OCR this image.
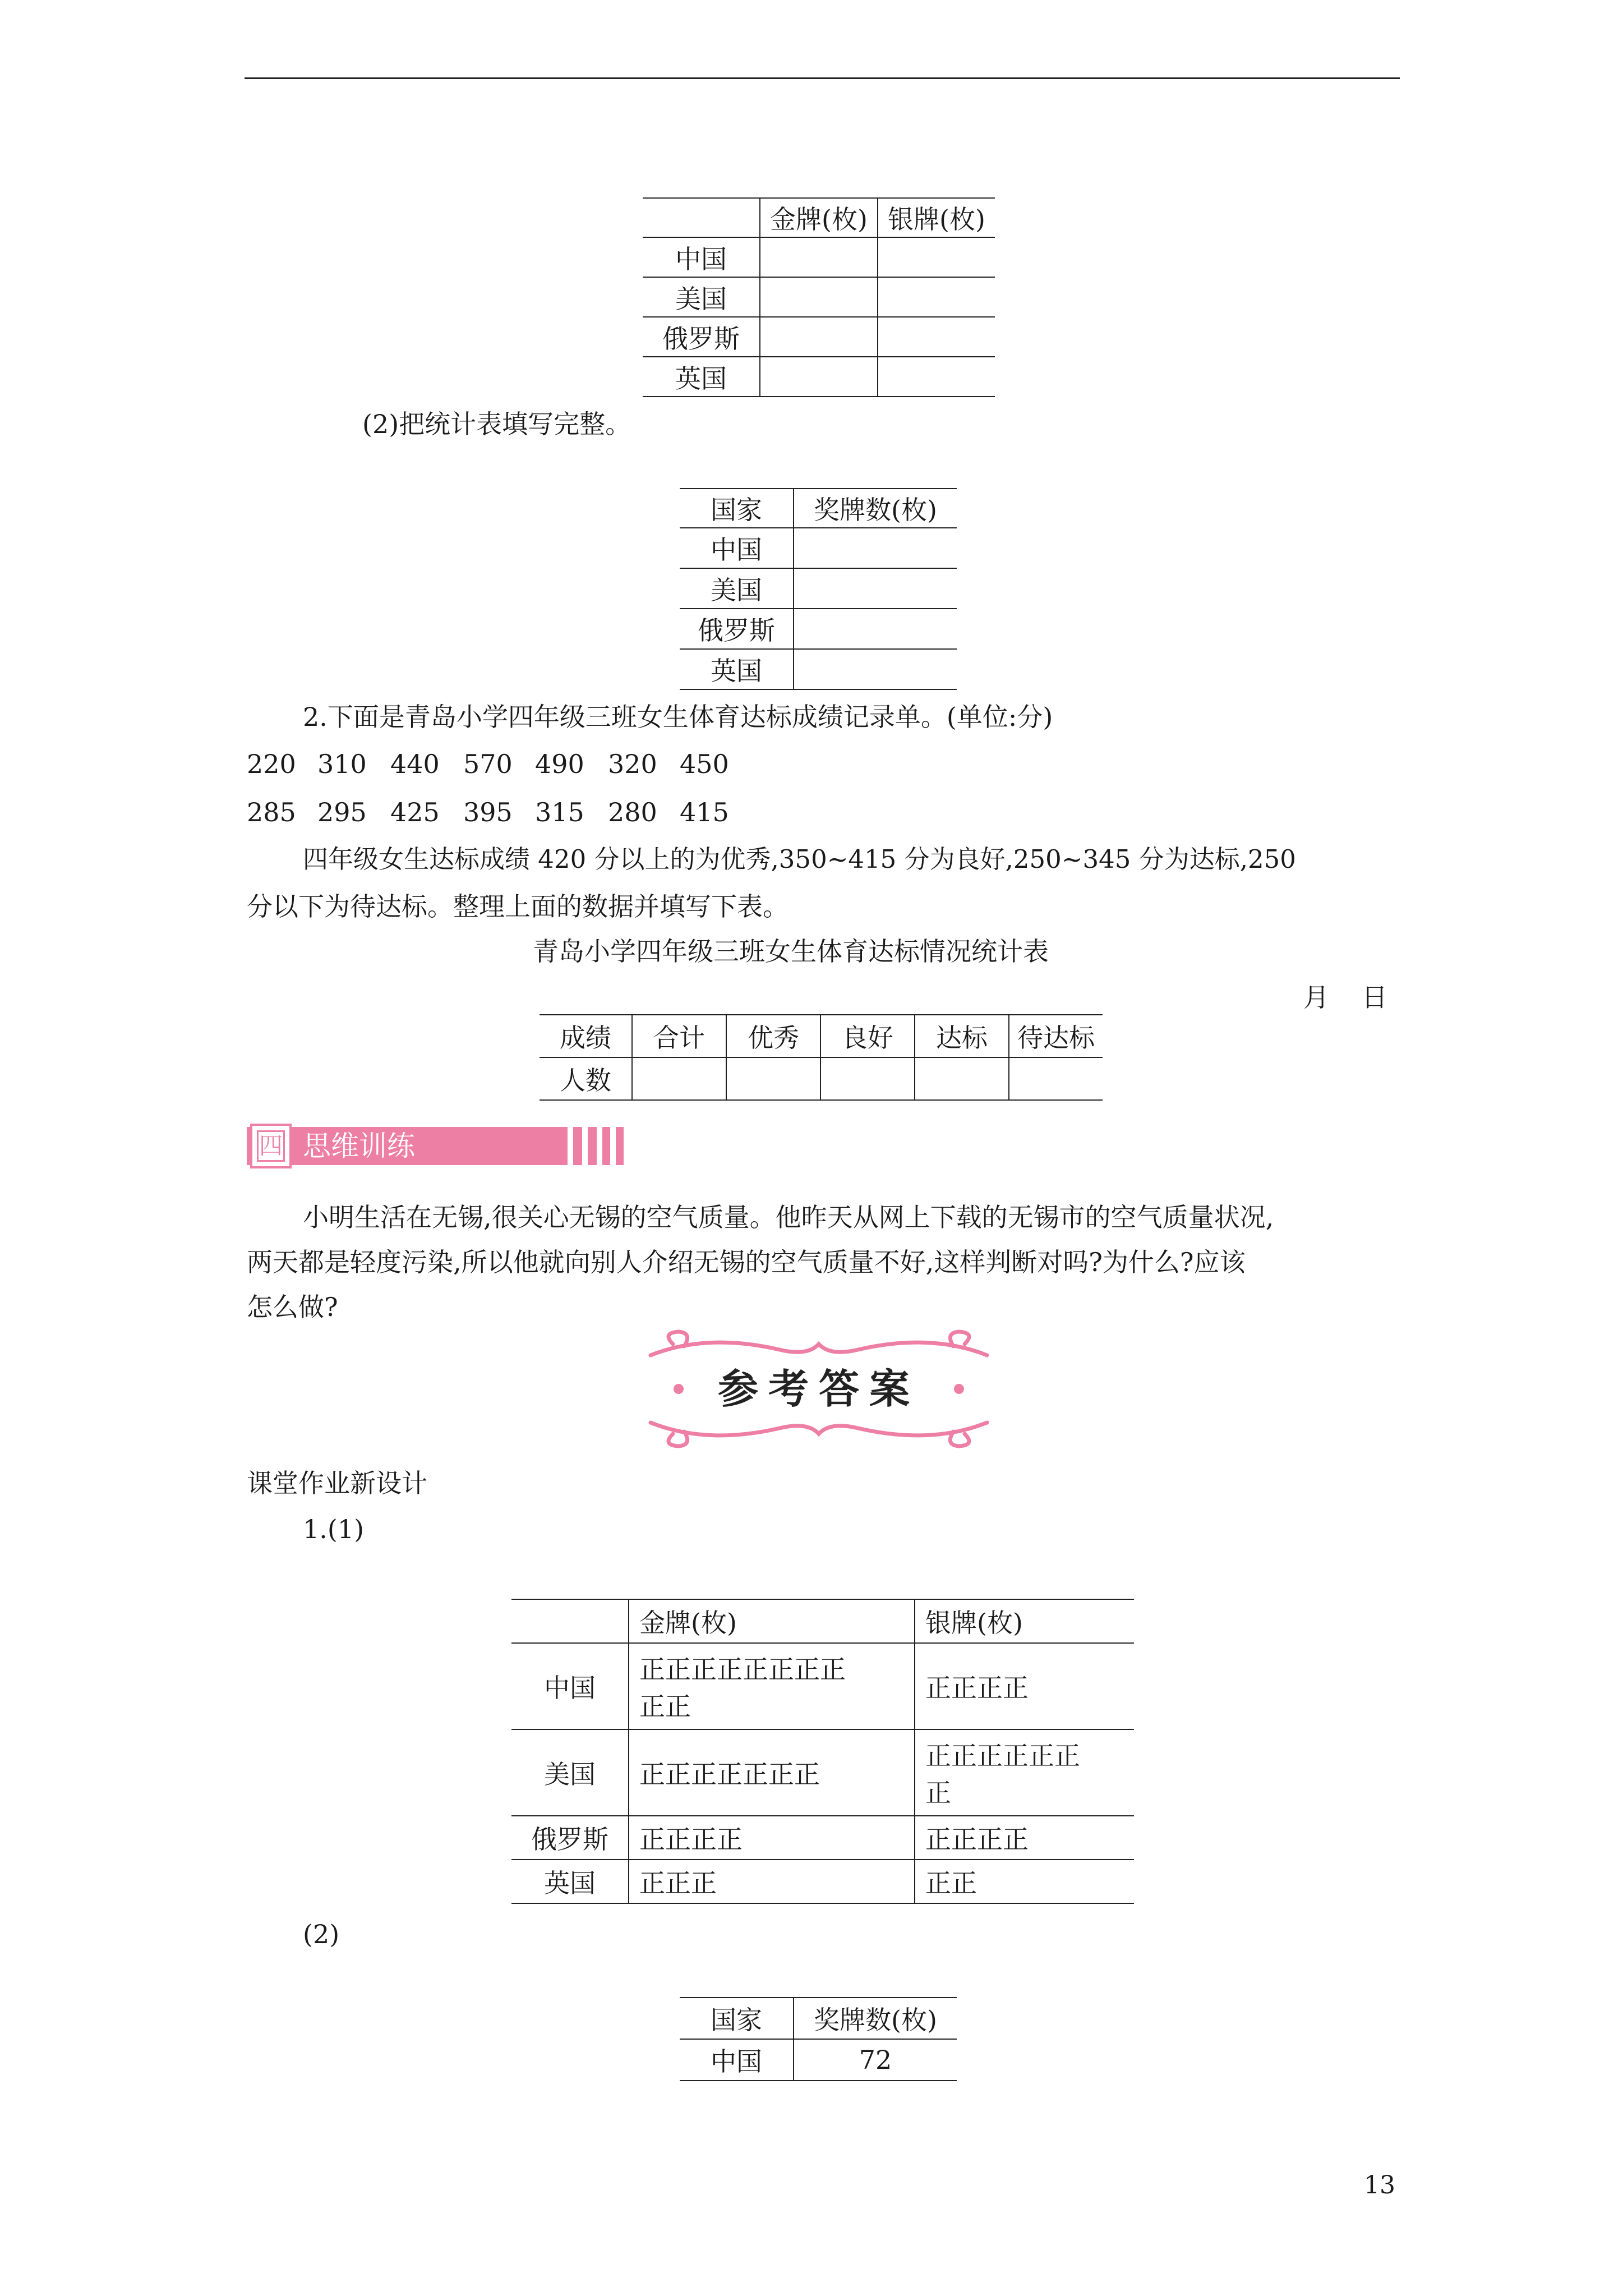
	金牌(枚)	银牌(枚)
中国		
美国		
俄罗斯		
英国		
(2)把统计表填写完整。
国家	奖牌数(枚)
中国	
美国	
俄罗斯	
英国	
2.下面是青岛小学四年级三班女生体育达标成绩记录单。(单位:分)
220 310 440 570 490 320 450
285 295 425 395 315 280 415
四年级女生达标成绩 420 分以上的为优秀,350~415 分为良好,250~345 分为达标,250
分以下为待达标。整理上面的数据并填写下表。
青岛小学四年级三班女生体育达标情况统计表
月 日
成绩	合计	优秀	良好	达标	待达标
人数					
四 思维训练
小明生活在无锡,很关心无锡的空气质量。他昨天从网上下载的无锡市的空气质量状况,
两天都是轻度污染,所以他就向别人介绍无锡的空气质量不好,这样判断对吗?为什么?应该
怎么做?
参考答案
课堂作业新设计
1.(1)
	金牌(枚)	银牌(枚)
中国	正正正正正正正正
正正	正正正正

美国	正正正正正正正	正正正正正正
正

俄罗斯	正正正正	正正正正

英国	正正正	正正
(2)
国家	奖牌数(枚)
中国	72
13
